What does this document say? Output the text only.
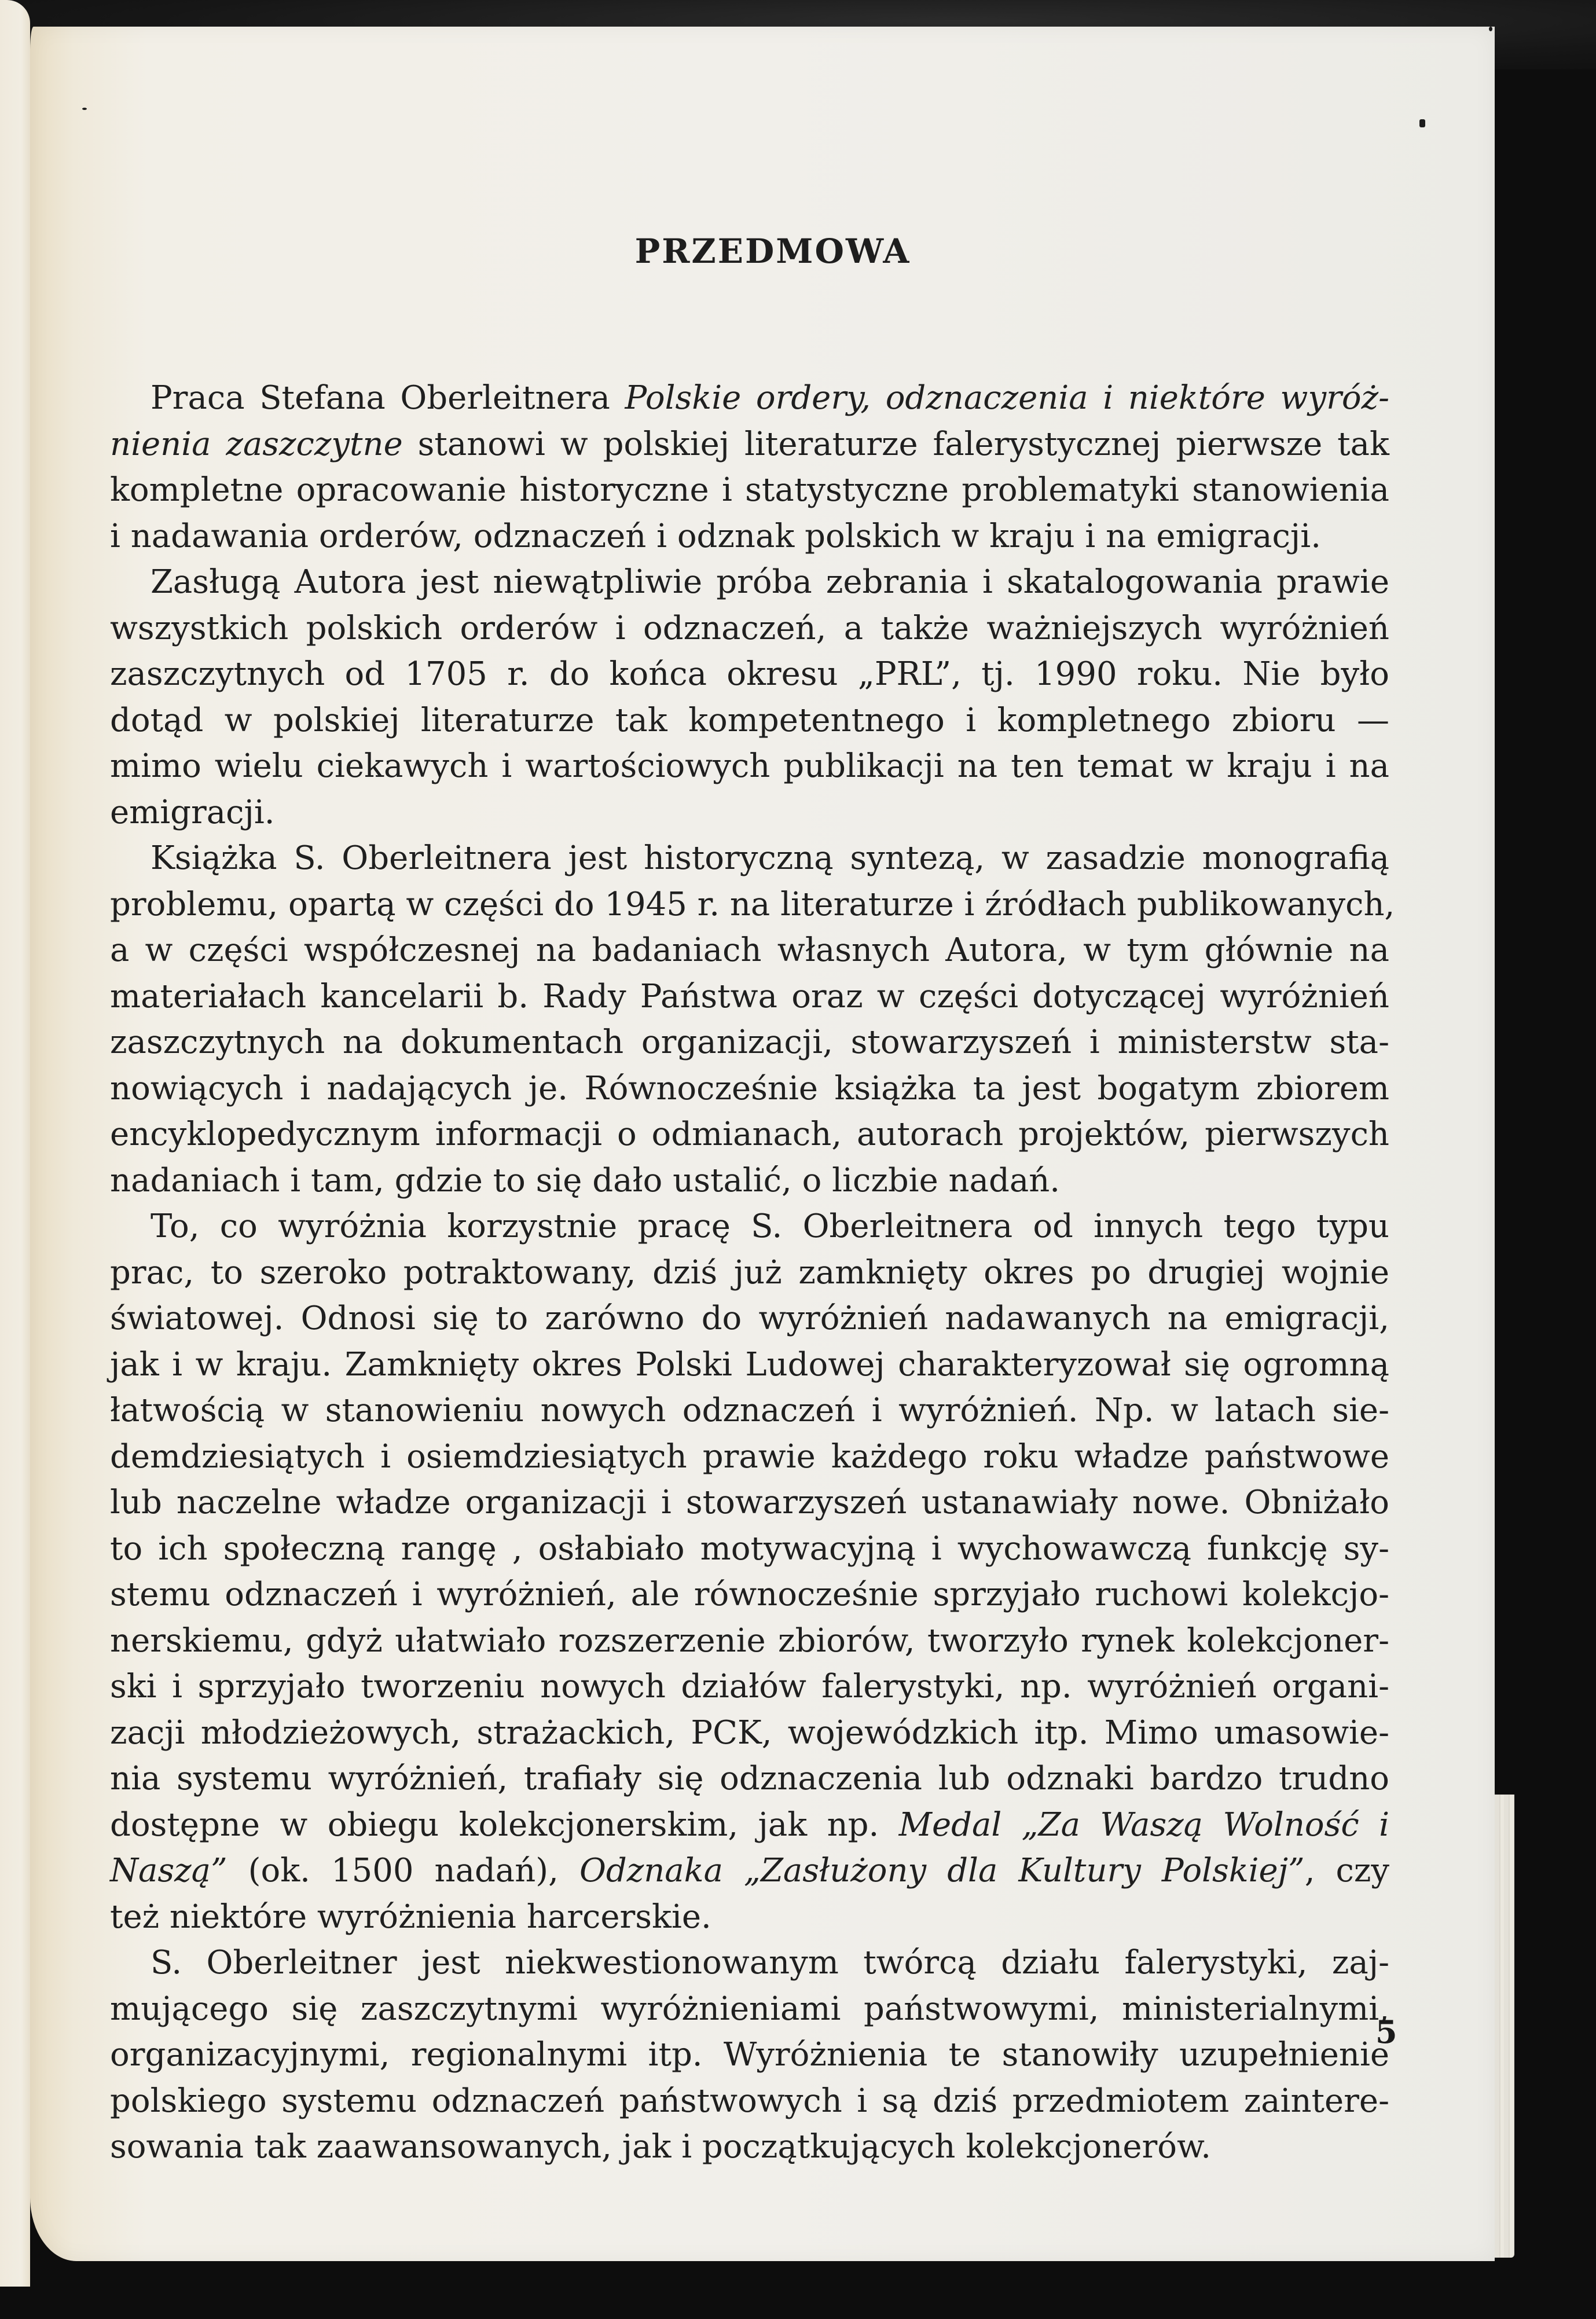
PRZEDMOWA

Praca Stefana Oberleitnera Polskie ordery, odznaczenia i niektóre wyróż-
nienia zaszczytne stanowi w polskiej literaturze falerystycznej pierwsze tak
kompletne opracowanie historyczne i statystyczne problematyki stanowienia
i nadawania orderów, odznaczeń i odznak polskich w kraju i na emigracji.

Zasługą Autora jest niewątpliwie próba zebrania i skatalogowania prawie
wszystkich polskich orderów i odznaczeń, a także ważniejszych wyróżnień
zaszczytnych od 1705 r. do końca okresu „PRL”, tj. 1990 roku. Nie było
dotąd w polskiej literaturze tak kompetentnego i kompletnego zbioru —
mimo wielu ciekawych i wartościowych publikacji na ten temat w kraju i na
emigracji.

Książka S. Oberleitnera jest historyczną syntezą, w zasadzie monografią
problemu, opartą w części do 1945 r. na literaturze i źródłach publikowanych,
a w części współczesnej na badaniach własnych Autora, w tym głównie na
materiałach kancelarii b. Rady Państwa oraz w części dotyczącej wyróżnień
zaszczytnych na dokumentach organizacji, stowarzyszeń i ministerstw sta-
nowiących i nadających je. Równocześnie książka ta jest bogatym zbiorem
encyklopedycznym informacji o odmianach, autorach projektów, pierwszych
nadaniach i tam, gdzie to się dało ustalić, o liczbie nadań.

To, co wyróżnia korzystnie pracę S. Oberleitnera od innych tego typu
prac, to szeroko potraktowany, dziś już zamknięty okres po drugiej wojnie
światowej. Odnosi się to zarówno do wyróżnień nadawanych na emigracji,
jak i w kraju. Zamknięty okres Polski Ludowej charakteryzował się ogromną
łatwością w stanowieniu nowych odznaczeń i wyróżnień. Np. w latach sie-
demdziesiątych i osiemdziesiątych prawie każdego roku władze państwowe
lub naczelne władze organizacji i stowarzyszeń ustanawiały nowe. Obniżało
to ich społeczną rangę , osłabiało motywacyjną i wychowawczą funkcję sy-
stemu odznaczeń i wyróżnień, ale równocześnie sprzyjało ruchowi kolekcjo-
nerskiemu, gdyż ułatwiało rozszerzenie zbiorów, tworzyło rynek kolekcjoner-
ski i sprzyjało tworzeniu nowych działów falerystyki, np. wyróżnień organi-
zacji młodzieżowych, strażackich, PCK, wojewódzkich itp. Mimo umasowie-
nia systemu wyróżnień, trafiały się odznaczenia lub odznaki bardzo trudno
dostępne w obiegu kolekcjonerskim, jak np. Medal „Za Waszą Wolność i
Naszą” (ok. 1500 nadań), Odznaka „Zasłużony dla Kultury Polskiej”, czy
też niektóre wyróżnienia harcerskie.

S. Oberleitner jest niekwestionowanym twórcą działu falerystyki, zaj-
mującego się zaszczytnymi wyróżnieniami państwowymi, ministerialnymi,
organizacyjnymi, regionalnymi itp. Wyróżnienia te stanowiły uzupełnienie
polskiego systemu odznaczeń państwowych i są dziś przedmiotem zaintere-
sowania tak zaawansowanych, jak i początkujących kolekcjonerów.

5
